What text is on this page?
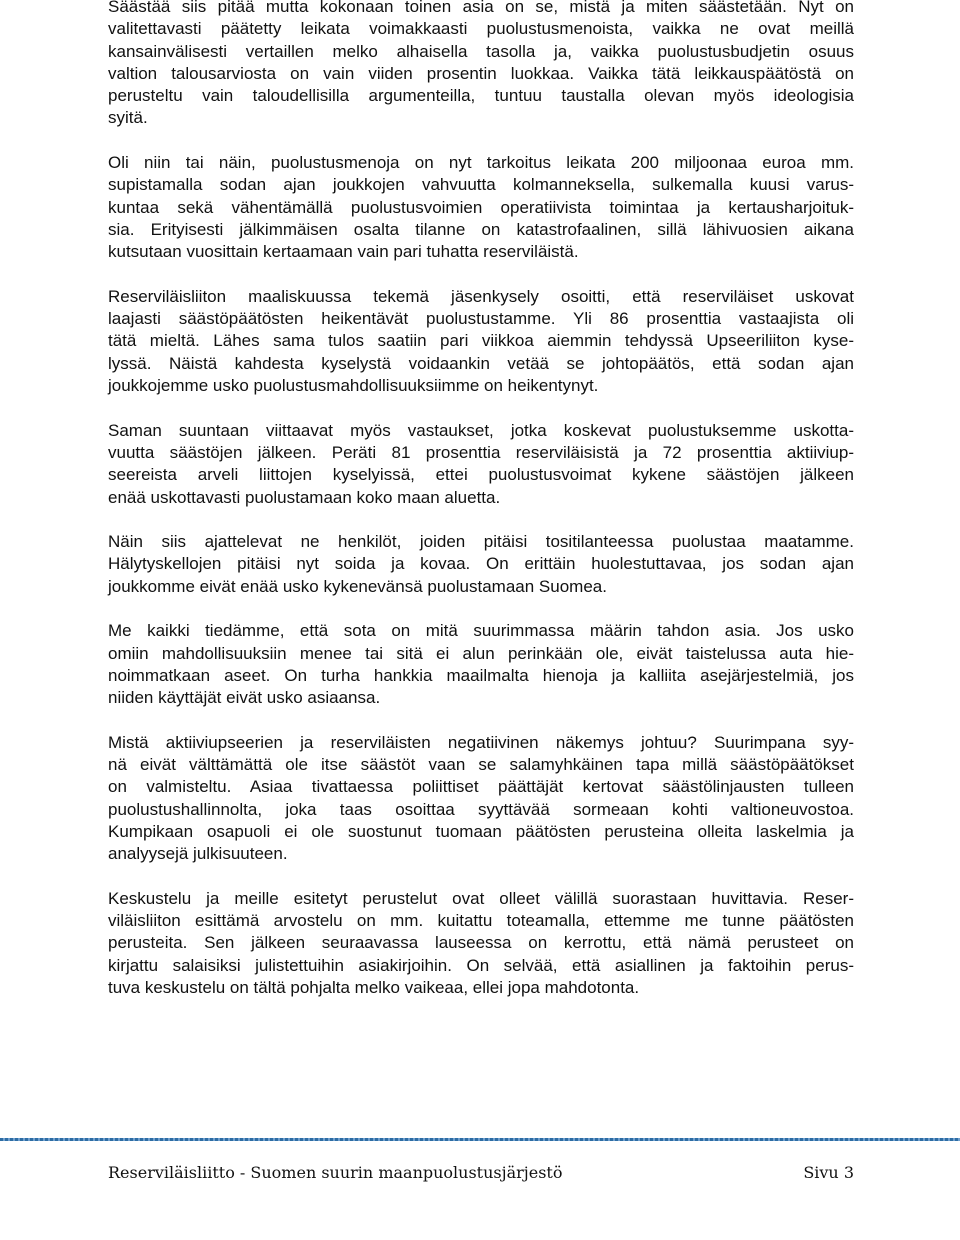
Säästää siis pitää mutta kokonaan toinen asia on se, mistä ja miten säästetään. Nyt on
valitettavasti päätetty leikata voimakkaasti puolustusmenoista, vaikka ne ovat meillä
kansainvälisesti vertaillen melko alhaisella tasolla ja, vaikka puolustusbudjetin osuus
valtion talousarviosta on vain viiden prosentin luokkaa. Vaikka tätä leikkauspäätöstä on
perusteltu vain taloudellisilla argumenteilla, tuntuu taustalla olevan myös ideologisia
syitä.
Oli niin tai näin, puolustusmenoja on nyt tarkoitus leikata 200 miljoonaa euroa mm.
supistamalla sodan ajan joukkojen vahvuutta kolmanneksella, sulkemalla kuusi varus-
kuntaa sekä vähentämällä puolustusvoimien operatiivista toimintaa ja kertausharjoituk-
sia. Erityisesti jälkimmäisen osalta tilanne on katastrofaalinen, sillä lähivuosien aikana
kutsutaan vuosittain kertaamaan vain pari tuhatta reserviläistä.
Reserviläisliiton maaliskuussa tekemä jäsenkysely osoitti, että reserviläiset uskovat
laajasti säästöpäätösten heikentävät puolustustamme. Yli 86 prosenttia vastaajista oli
tätä mieltä. Lähes sama tulos saatiin pari viikkoa aiemmin tehdyssä Upseeriliiton kyse-
lyssä. Näistä kahdesta kyselystä voidaankin vetää se johtopäätös, että sodan ajan
joukkojemme usko puolustusmahdollisuuksiimme on heikentynyt.
Saman suuntaan viittaavat myös vastaukset, jotka koskevat puolustuksemme uskotta-
vuutta säästöjen jälkeen. Peräti 81 prosenttia reserviläisistä ja 72 prosenttia aktiiviup-
seereista arveli liittojen kyselyissä, ettei puolustusvoimat kykene säästöjen jälkeen
enää uskottavasti puolustamaan koko maan aluetta.
Näin siis ajattelevat ne henkilöt, joiden pitäisi tositilanteessa puolustaa maatamme.
Hälytyskellojen pitäisi nyt soida ja kovaa. On erittäin huolestuttavaa, jos sodan ajan
joukkomme eivät enää usko kykenevänsä puolustamaan Suomea.
Me kaikki tiedämme, että sota on mitä suurimmassa määrin tahdon asia. Jos usko
omiin mahdollisuuksiin menee tai sitä ei alun perinkään ole, eivät taistelussa auta hie-
noimmatkaan aseet. On turha hankkia maailmalta hienoja ja kalliita asejärjestelmiä, jos
niiden käyttäjät eivät usko asiaansa.
Mistä aktiiviupseerien ja reserviläisten negatiivinen näkemys johtuu? Suurimpana syy-
nä eivät välttämättä ole itse säästöt vaan se salamyhkäinen tapa millä säästöpäätökset
on valmisteltu. Asiaa tivattaessa poliittiset päättäjät kertovat säästölinjausten tulleen
puolustushallinnolta, joka taas osoittaa syyttävää sormeaan kohti valtioneuvostoa.
Kumpikaan osapuoli ei ole suostunut tuomaan päätösten perusteina olleita laskelmia ja
analyysejä julkisuuteen.
Keskustelu ja meille esitetyt perustelut ovat olleet välillä suorastaan huvittavia. Reser-
viläisliiton esittämä arvostelu on mm. kuitattu toteamalla, ettemme me tunne päätösten
perusteita. Sen jälkeen seuraavassa lauseessa on kerrottu, että nämä perusteet on
kirjattu salaisiksi julistettuihin asiakirjoihin. On selvää, että asiallinen ja faktoihin perus-
tuva keskustelu on tältä pohjalta melko vaikeaa, ellei jopa mahdotonta.
Reserviläisliitto - Suomen suurin maanpuolustusjärjestö	Sivu 3
